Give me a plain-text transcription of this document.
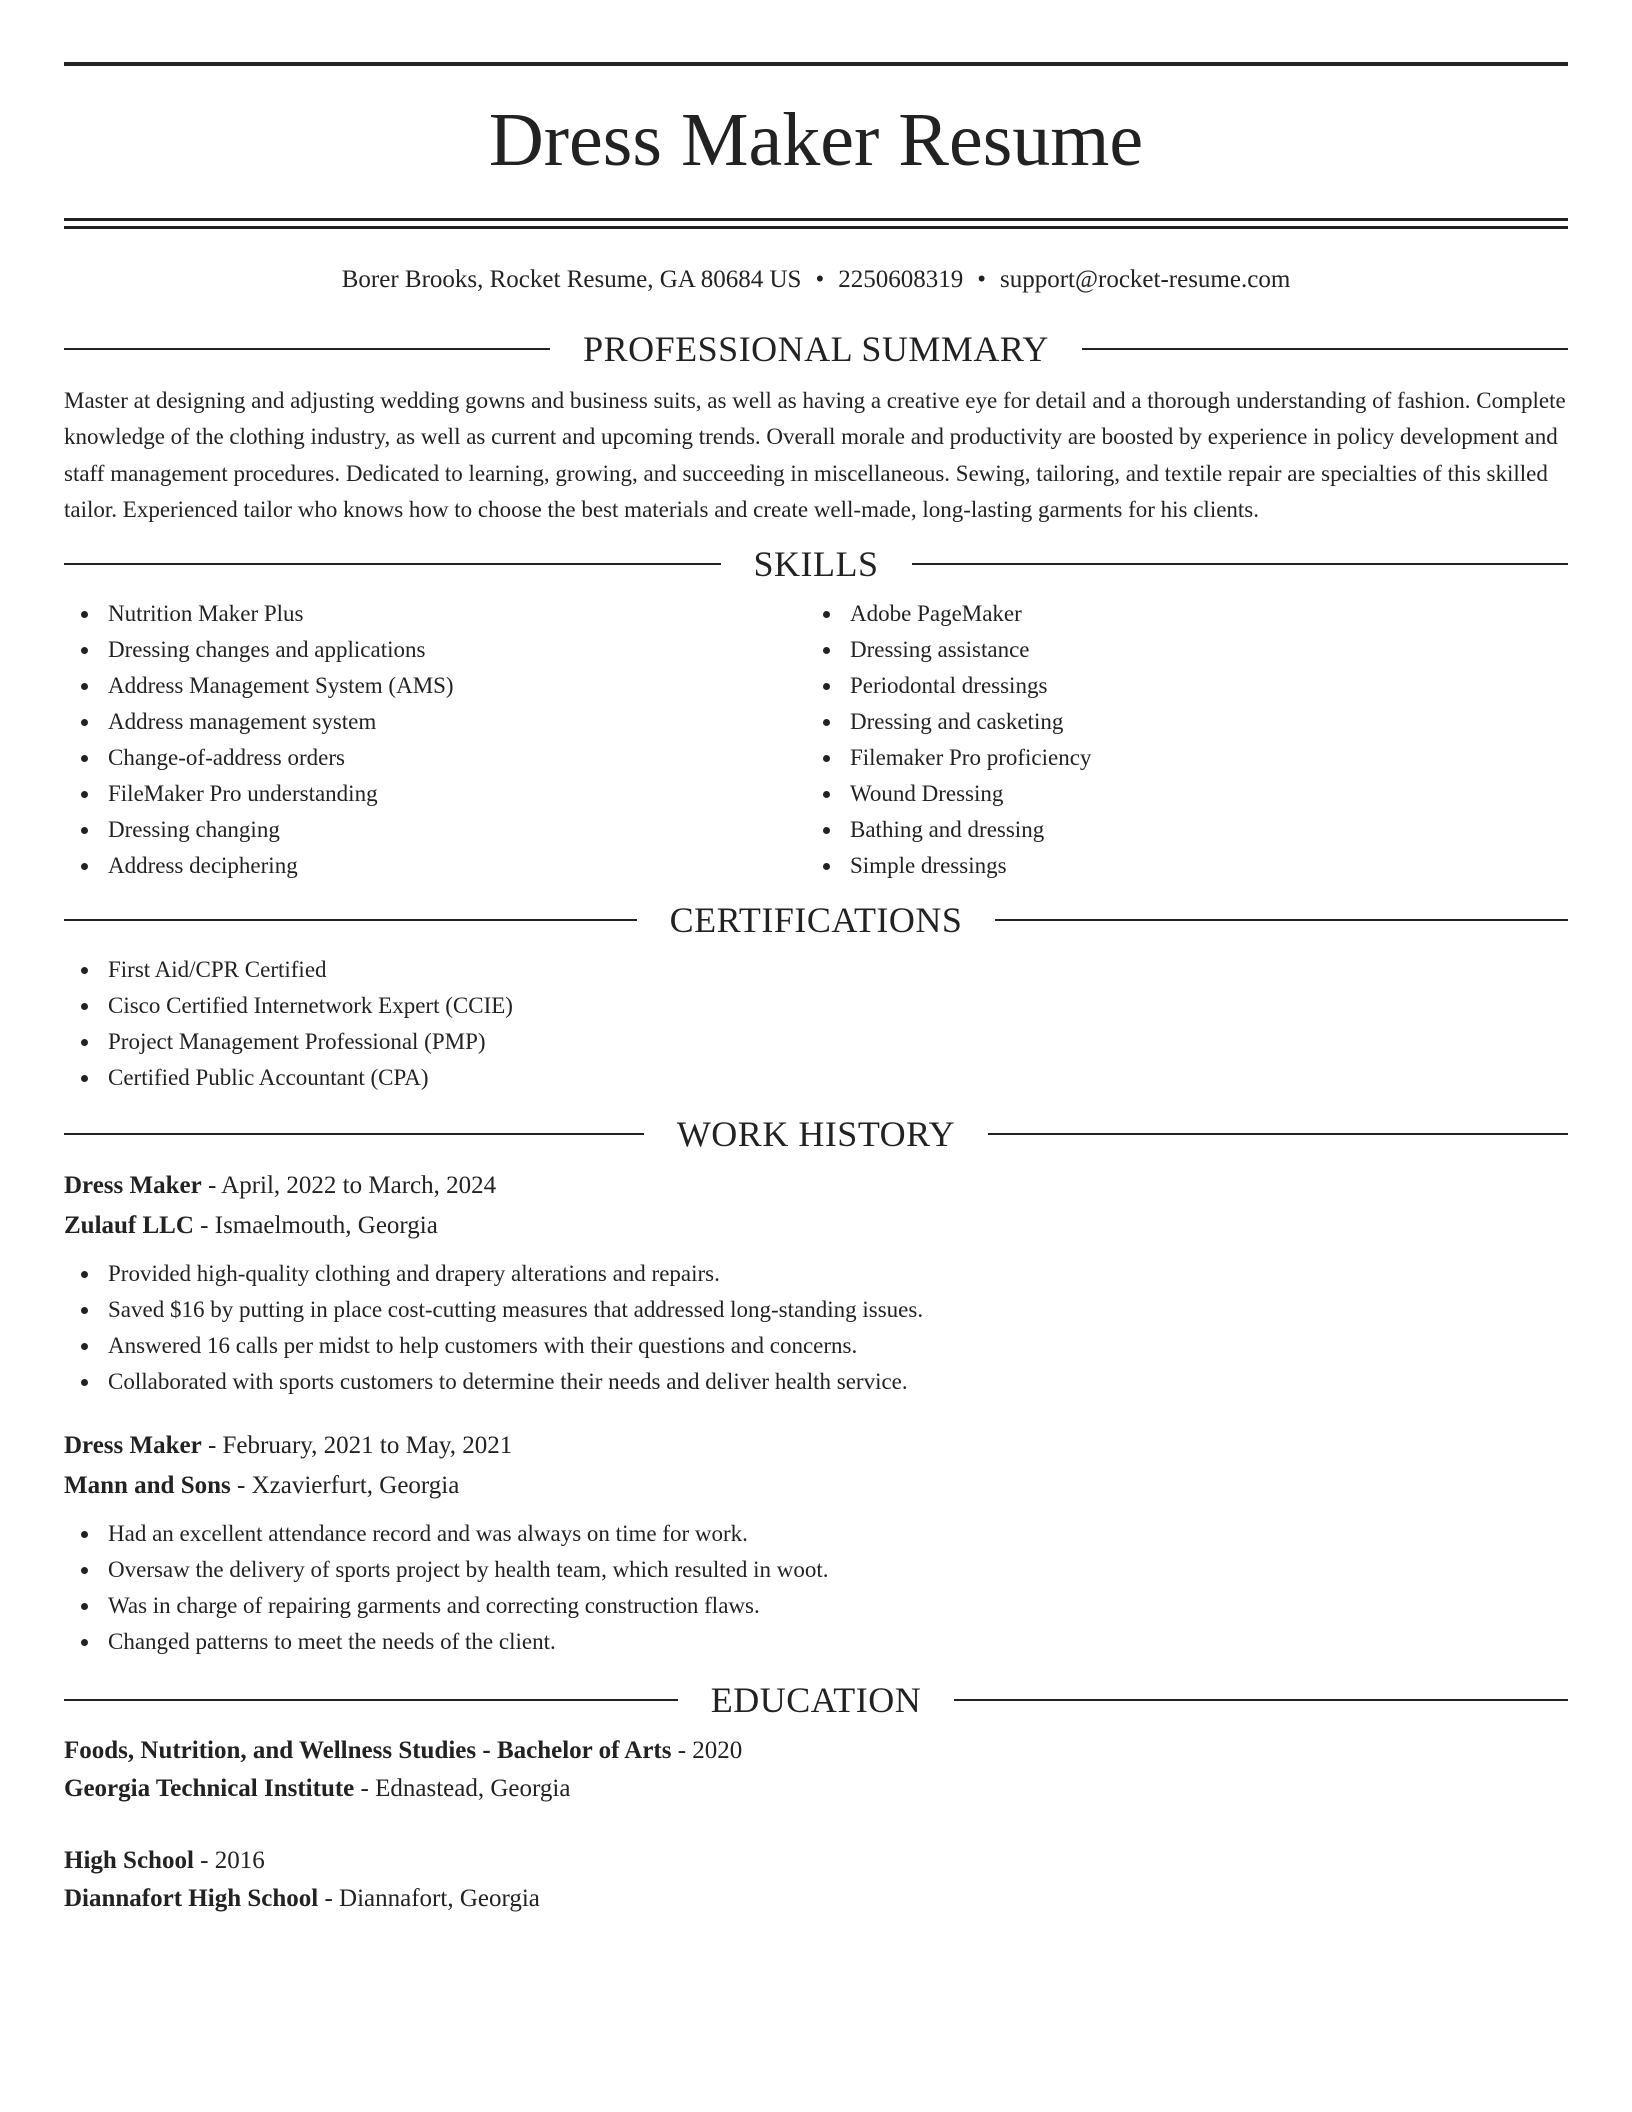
Dress Maker Resume
Borer Brooks, Rocket Resume, GA 80684 US • 2250608319 • support@rocket-resume.com
PROFESSIONAL SUMMARY
Master at designing and adjusting wedding gowns and business suits, as well as having a creative eye for detail and a thorough understanding of fashion. Complete knowledge of the clothing industry, as well as current and upcoming trends. Overall morale and productivity are boosted by experience in policy development and staff management procedures. Dedicated to learning, growing, and succeeding in miscellaneous. Sewing, tailoring, and textile repair are specialties of this skilled tailor. Experienced tailor who knows how to choose the best materials and create well-made, long-lasting garments for his clients.
SKILLS
Nutrition Maker Plus
Dressing changes and applications
Address Management System (AMS)
Address management system
Change-of-address orders
FileMaker Pro understanding
Dressing changing
Address deciphering
Adobe PageMaker
Dressing assistance
Periodontal dressings
Dressing and casketing
Filemaker Pro proficiency
Wound Dressing
Bathing and dressing
Simple dressings
CERTIFICATIONS
First Aid/CPR Certified
Cisco Certified Internetwork Expert (CCIE)
Project Management Professional (PMP)
Certified Public Accountant (CPA)
WORK HISTORY
Dress Maker - April, 2022 to March, 2024
Zulauf LLC - Ismaelmouth, Georgia
Provided high-quality clothing and drapery alterations and repairs.
Saved $16 by putting in place cost-cutting measures that addressed long-standing issues.
Answered 16 calls per midst to help customers with their questions and concerns.
Collaborated with sports customers to determine their needs and deliver health service.
Dress Maker - February, 2021 to May, 2021
Mann and Sons - Xzavierfurt, Georgia
Had an excellent attendance record and was always on time for work.
Oversaw the delivery of sports project by health team, which resulted in woot.
Was in charge of repairing garments and correcting construction flaws.
Changed patterns to meet the needs of the client.
EDUCATION
Foods, Nutrition, and Wellness Studies - Bachelor of Arts - 2020
Georgia Technical Institute - Ednastead, Georgia
High School - 2016
Diannafort High School - Diannafort, Georgia
